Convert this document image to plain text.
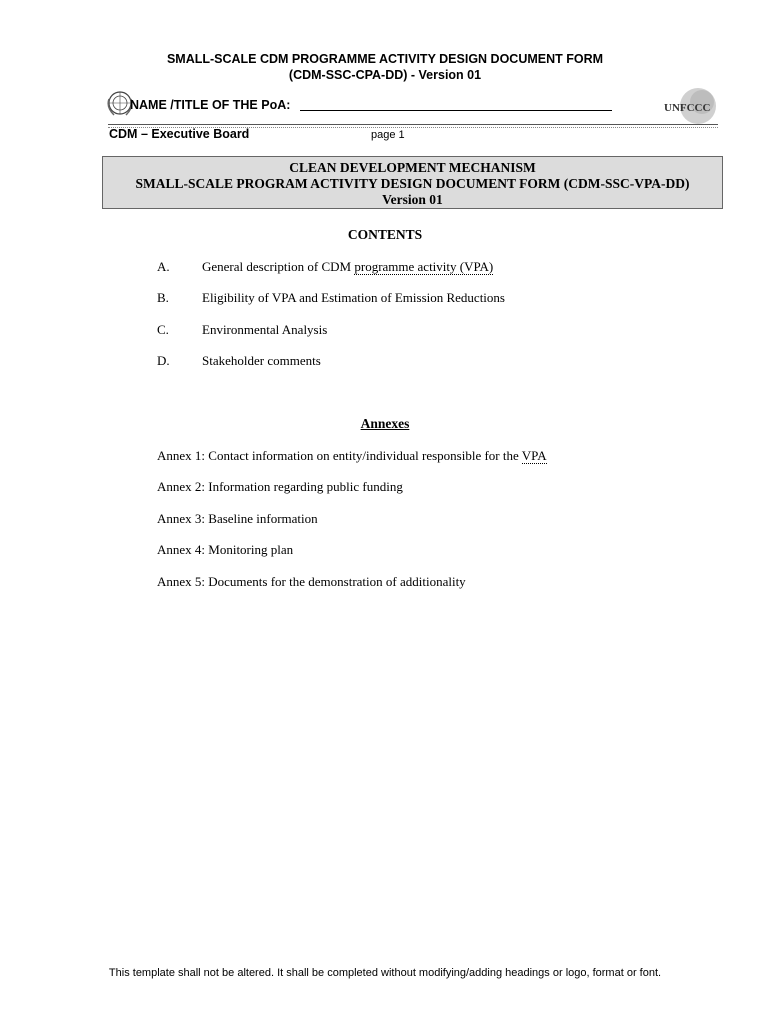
SMALL-SCALE CDM PROGRAMME ACTIVITY DESIGN DOCUMENT FORM
(CDM-SSC-CPA-DD) - Version 01
NAME /TITLE OF THE PoA:	UNFCCC
CDM – Executive Board	page 1
CLEAN DEVELOPMENT MECHANISM
SMALL-SCALE PROGRAM ACTIVITY DESIGN DOCUMENT FORM (CDM-SSC-VPA-DD)
Version 01
CONTENTS
A. General description of CDM programme activity (VPA)
B.	Eligibility of VPA and Estimation of Emission Reductions
C.	Environmental Analysis
D. Stakeholder comments
Annexes
Annex 1: Contact information on entity/individual responsible for the VPA
Annex 2: Information regarding public funding
Annex 3: Baseline information
Annex 4: Monitoring plan
Annex 5: Documents for the demonstration of additionality
This template shall not be altered. It shall be completed without modifying/adding headings or logo, format or font.
